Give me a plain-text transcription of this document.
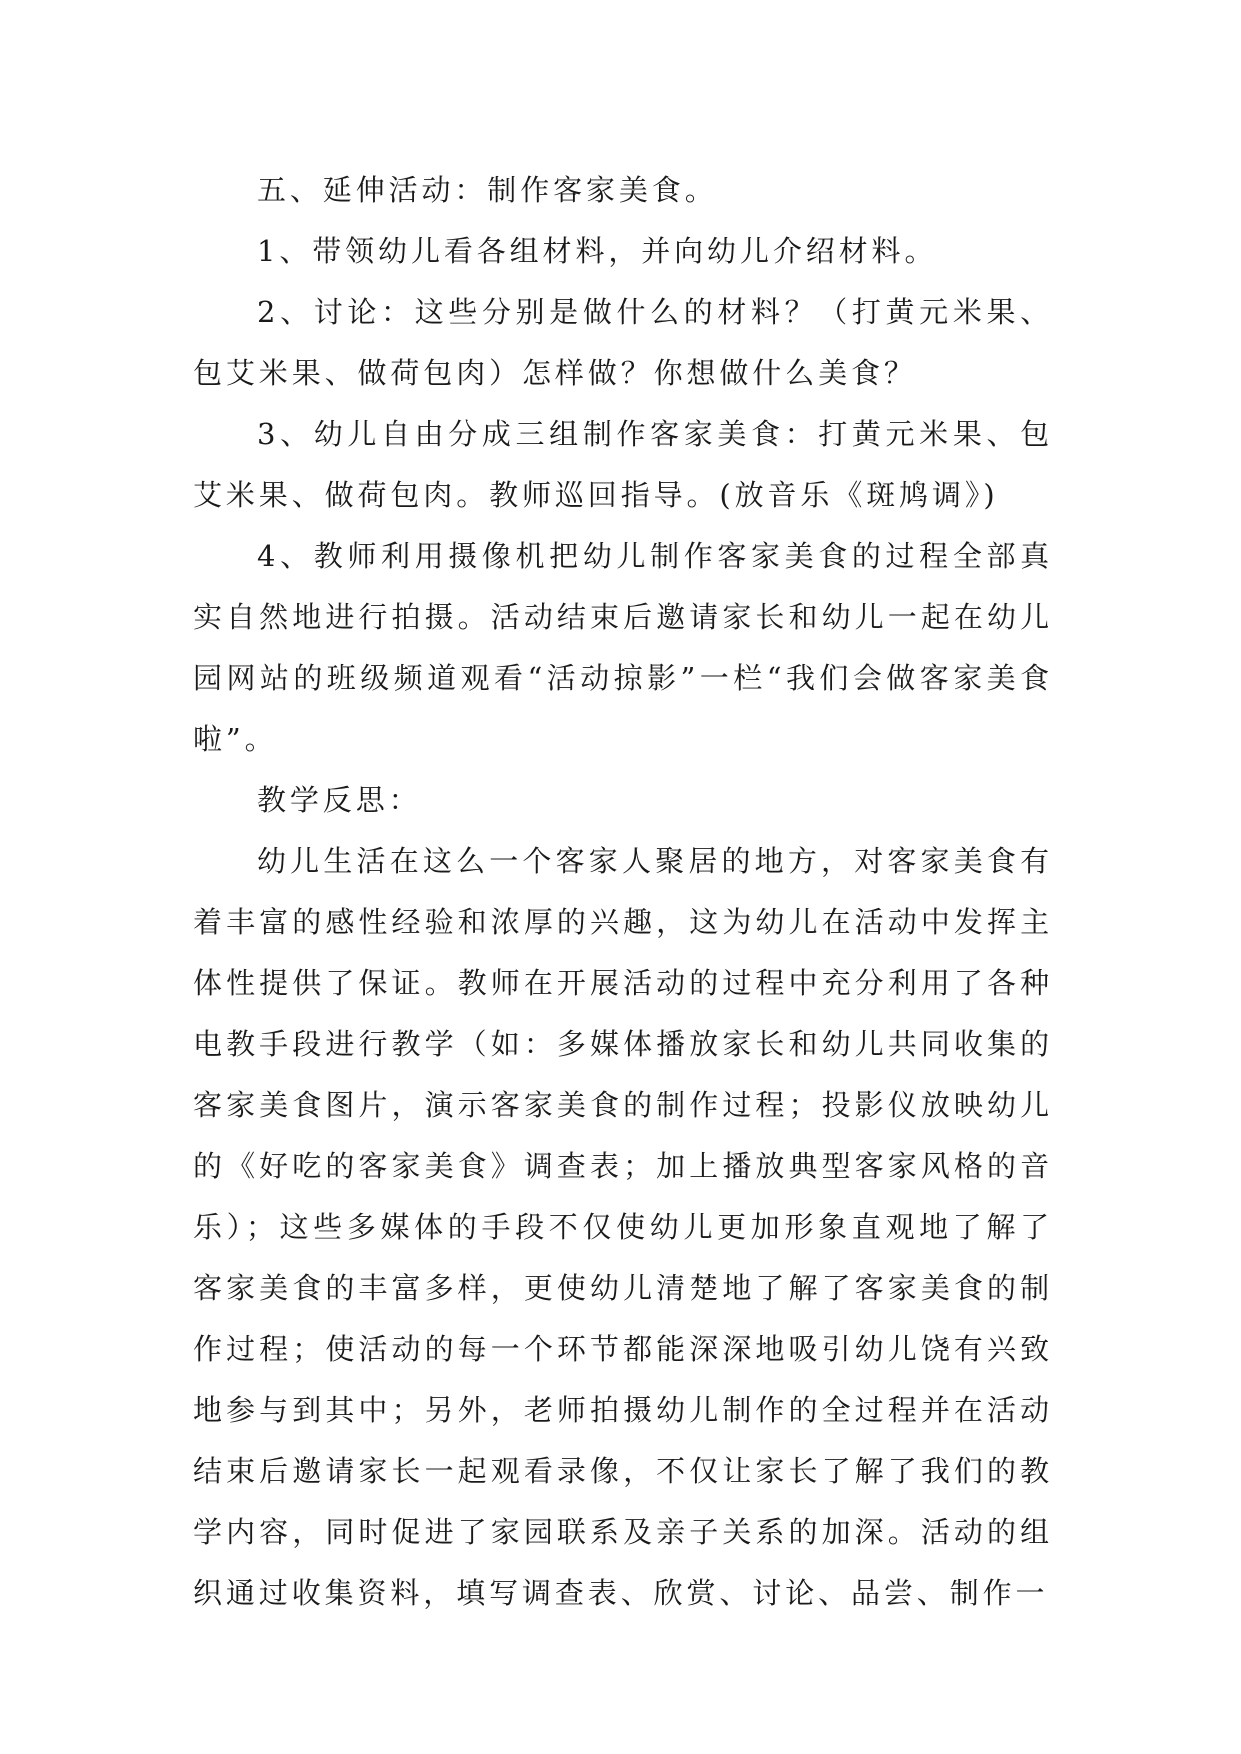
五、延伸活动：制作客家美食。

1、带领幼儿看各组材料，并向幼儿介绍材料。

2、讨论：这些分别是做什么的材料？（打黄元米果、包艾米果、做荷包肉）怎样做？你想做什么美食？

3、幼儿自由分成三组制作客家美食：打黄元米果、包艾米果、做荷包肉。教师巡回指导。(放音乐《斑鸠调》)

4、教师利用摄像机把幼儿制作客家美食的过程全部真实自然地进行拍摄。活动结束后邀请家长和幼儿一起在幼儿园网站的班级频道观看“活动掠影”一栏“我们会做客家美食啦”。

教学反思：

幼儿生活在这么一个客家人聚居的地方，对客家美食有着丰富的感性经验和浓厚的兴趣，这为幼儿在活动中发挥主体性提供了保证。教师在开展活动的过程中充分利用了各种电教手段进行教学（如：多媒体播放家长和幼儿共同收集的客家美食图片，演示客家美食的制作过程；投影仪放映幼儿的《好吃的客家美食》调查表；加上播放典型客家风格的音乐）；这些多媒体的手段不仅使幼儿更加形象直观地了解了客家美食的丰富多样，更使幼儿清楚地了解了客家美食的制作过程；使活动的每一个环节都能深深地吸引幼儿饶有兴致地参与到其中；另外，老师拍摄幼儿制作的全过程并在活动结束后邀请家长一起观看录像，不仅让家长了解了我们的教学内容，同时促进了家园联系及亲子关系的加深。活动的组织通过收集资料，填写调查表、欣赏、讨论、品尝、制作一
